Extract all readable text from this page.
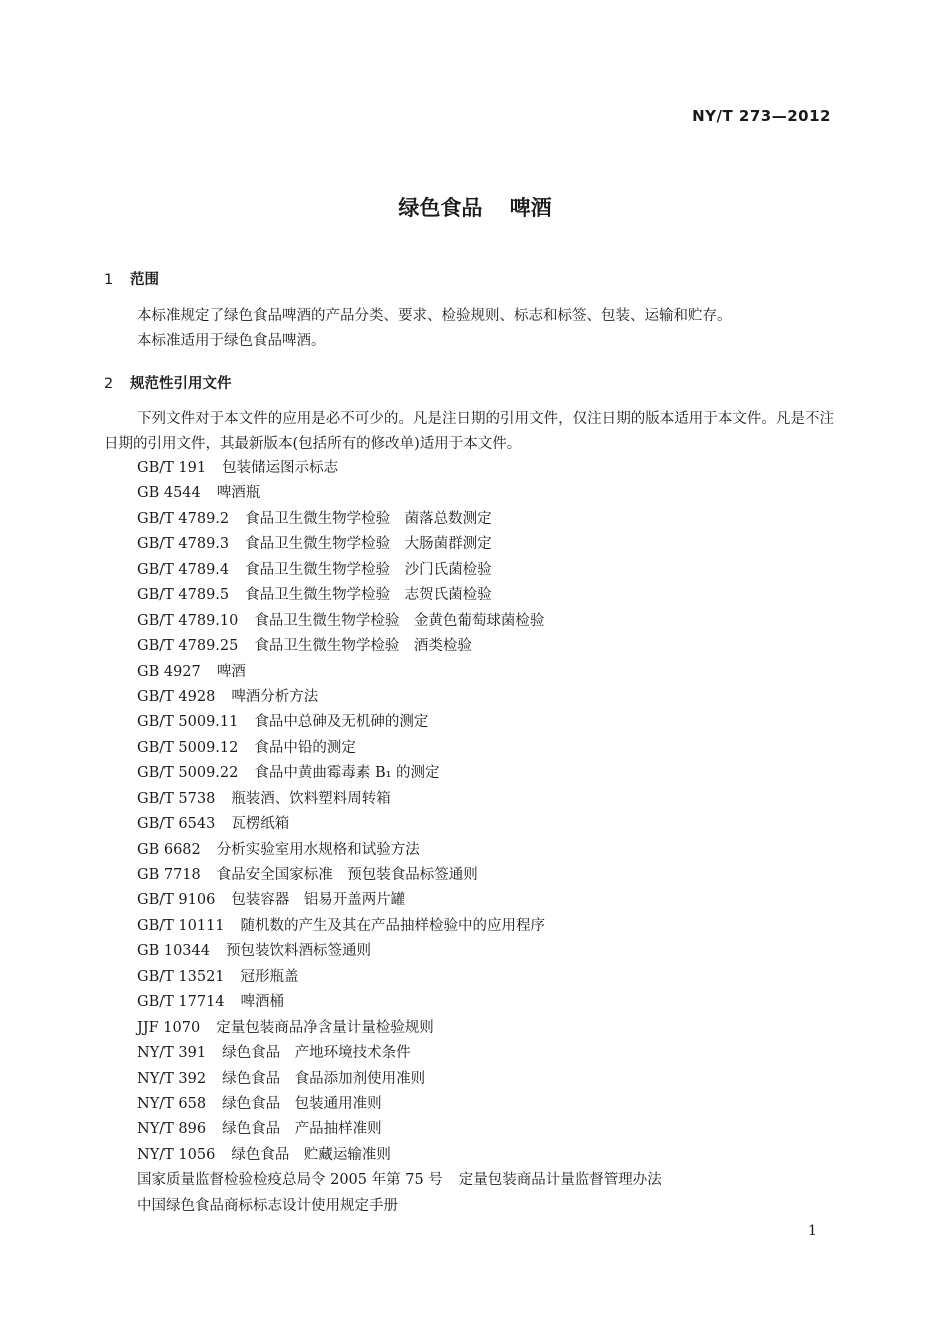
NY/T 273—2012
绿色食品 啤酒
1 范围
本标准规定了绿色食品啤酒的产品分类、要求、检验规则、标志和标签、包装、运输和贮存。
本标准适用于绿色食品啤酒。
2 规范性引用文件
下列文件对于本文件的应用是必不可少的。凡是注日期的引用文件，仅注日期的版本适用于本文件。凡是不注日期的引用文件，其最新版本(包括所有的修改单)适用于本文件。
GB/T 191 包装储运图示标志
GB 4544 啤酒瓶
GB/T 4789.2 食品卫生微生物学检验　菌落总数测定
GB/T 4789.3 食品卫生微生物学检验　大肠菌群测定
GB/T 4789.4 食品卫生微生物学检验　沙门氏菌检验
GB/T 4789.5 食品卫生微生物学检验　志贺氏菌检验
GB/T 4789.10 食品卫生微生物学检验　金黄色葡萄球菌检验
GB/T 4789.25 食品卫生微生物学检验　酒类检验
GB 4927 啤酒
GB/T 4928 啤酒分析方法
GB/T 5009.11 食品中总砷及无机砷的测定
GB/T 5009.12 食品中铅的测定
GB/T 5009.22 食品中黄曲霉毒素 B₁ 的测定
GB/T 5738 瓶装酒、饮料塑料周转箱
GB/T 6543 瓦楞纸箱
GB 6682 分析实验室用水规格和试验方法
GB 7718 食品安全国家标准　预包装食品标签通则
GB/T 9106 包装容器　铝易开盖两片罐
GB/T 10111 随机数的产生及其在产品抽样检验中的应用程序
GB 10344 预包装饮料酒标签通则
GB/T 13521 冠形瓶盖
GB/T 17714 啤酒桶
JJF 1070 定量包装商品净含量计量检验规则
NY/T 391 绿色食品　产地环境技术条件
NY/T 392 绿色食品　食品添加剂使用准则
NY/T 658 绿色食品　包装通用准则
NY/T 896 绿色食品　产品抽样准则
NY/T 1056 绿色食品　贮藏运输准则
国家质量监督检验检疫总局令 2005 年第 75 号 定量包装商品计量监督管理办法
中国绿色食品商标标志设计使用规定手册
1
